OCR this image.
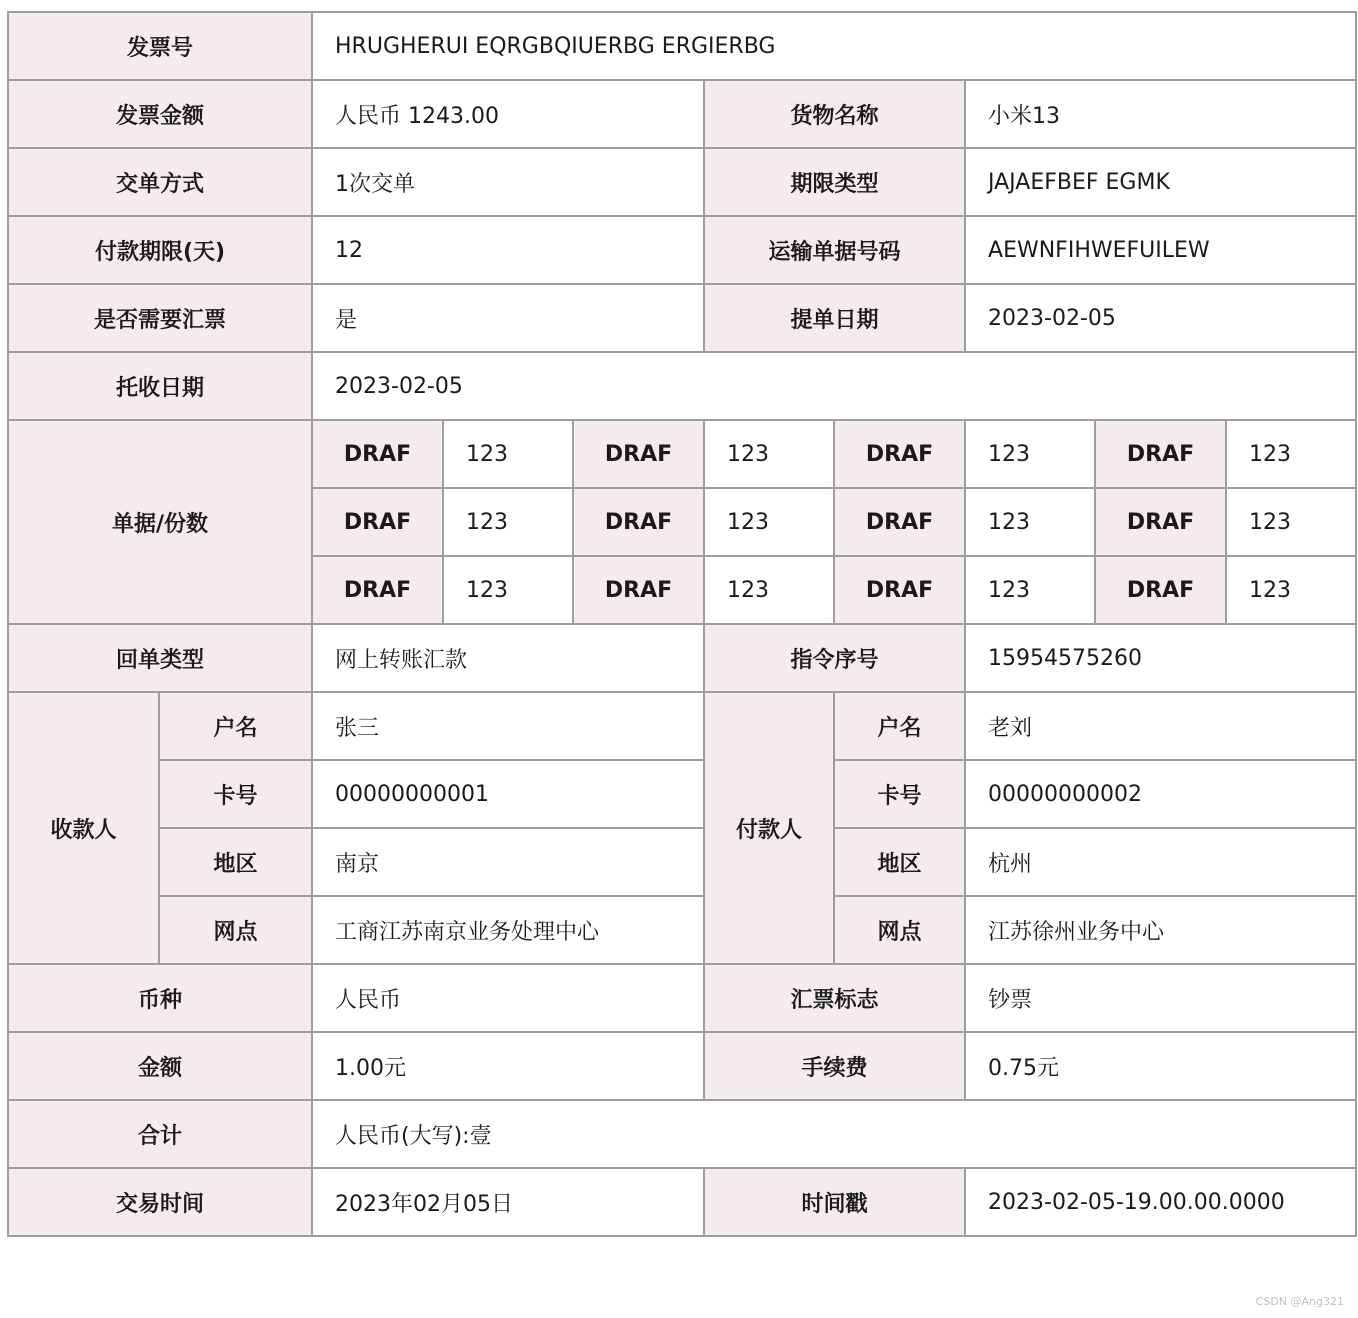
发票号		HRUGHERUI EQRGBQIUERBG ERGIERBG							
发票金额		人民币 1243.00			货物名称		小米13		
交单方式		1次交单			期限类型		JAJAEFBEF EGMK		
付款期限(天)		12			运输单据号码		AEWNFIHWEFUILEW		
是否需要汇票		是			提单日期		2023-02-05		
托收日期		2023-02-05							
单据/份数		DRAF	123	DRAF	123	DRAF	123	DRAF	123
		DRAF	123	DRAF	123	DRAF	123	DRAF	123
		DRAF	123	DRAF	123	DRAF	123	DRAF	123
回单类型		网上转账汇款			指令序号		15954575260		
收款人	户名	张三			付款人	户名	老刘		
	卡号	00000000001				卡号	00000000002		
	地区	南京				地区	杭州		
	网点	工商江苏南京业务处理中心				网点	江苏徐州业务中心		
币种		人民币			汇票标志		钞票		
金额		1.00元			手续费		0.75元		
合计		人民币(大写):壹							
交易时间		2023年02月05日			时间戳		2023-02-05-19.00.00.0000		
CSDN @Ang321
